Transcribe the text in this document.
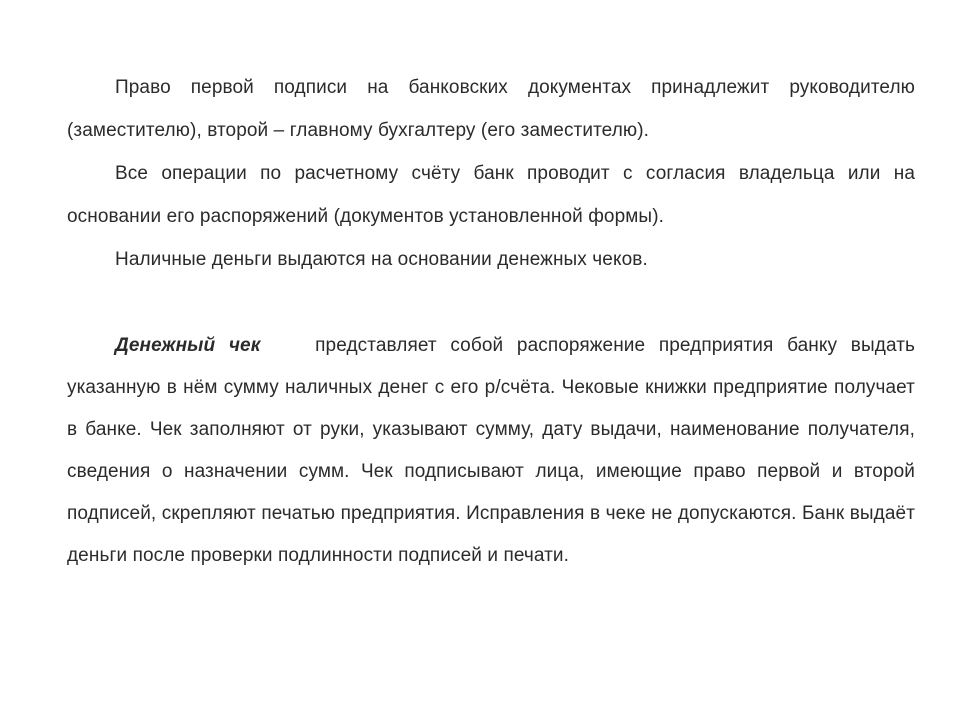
Право первой подписи на банковских документах принадлежит руководителю (заместителю), второй – главному бухгалтеру (его заместителю).

Все операции по расчетному счёту банк проводит с согласия владельца или на основании его распоряжений (документов установленной формы).

Наличные деньги выдаются на основании денежных чеков.

Денежный чек	представляет собой распоряжение предприятия банку выдать указанную в нём сумму наличных денег с его р/счёта. Чековые книжки предприятие получает в банке. Чек заполняют от руки, указывают сумму, дату выдачи, наименование получателя, сведения о назначении сумм. Чек подписывают лица, имеющие право первой и второй подписей, скрепляют печатью предприятия. Исправления в чеке не допускаются. Банк выдаёт деньги после проверки подлинности подписей и печати.
